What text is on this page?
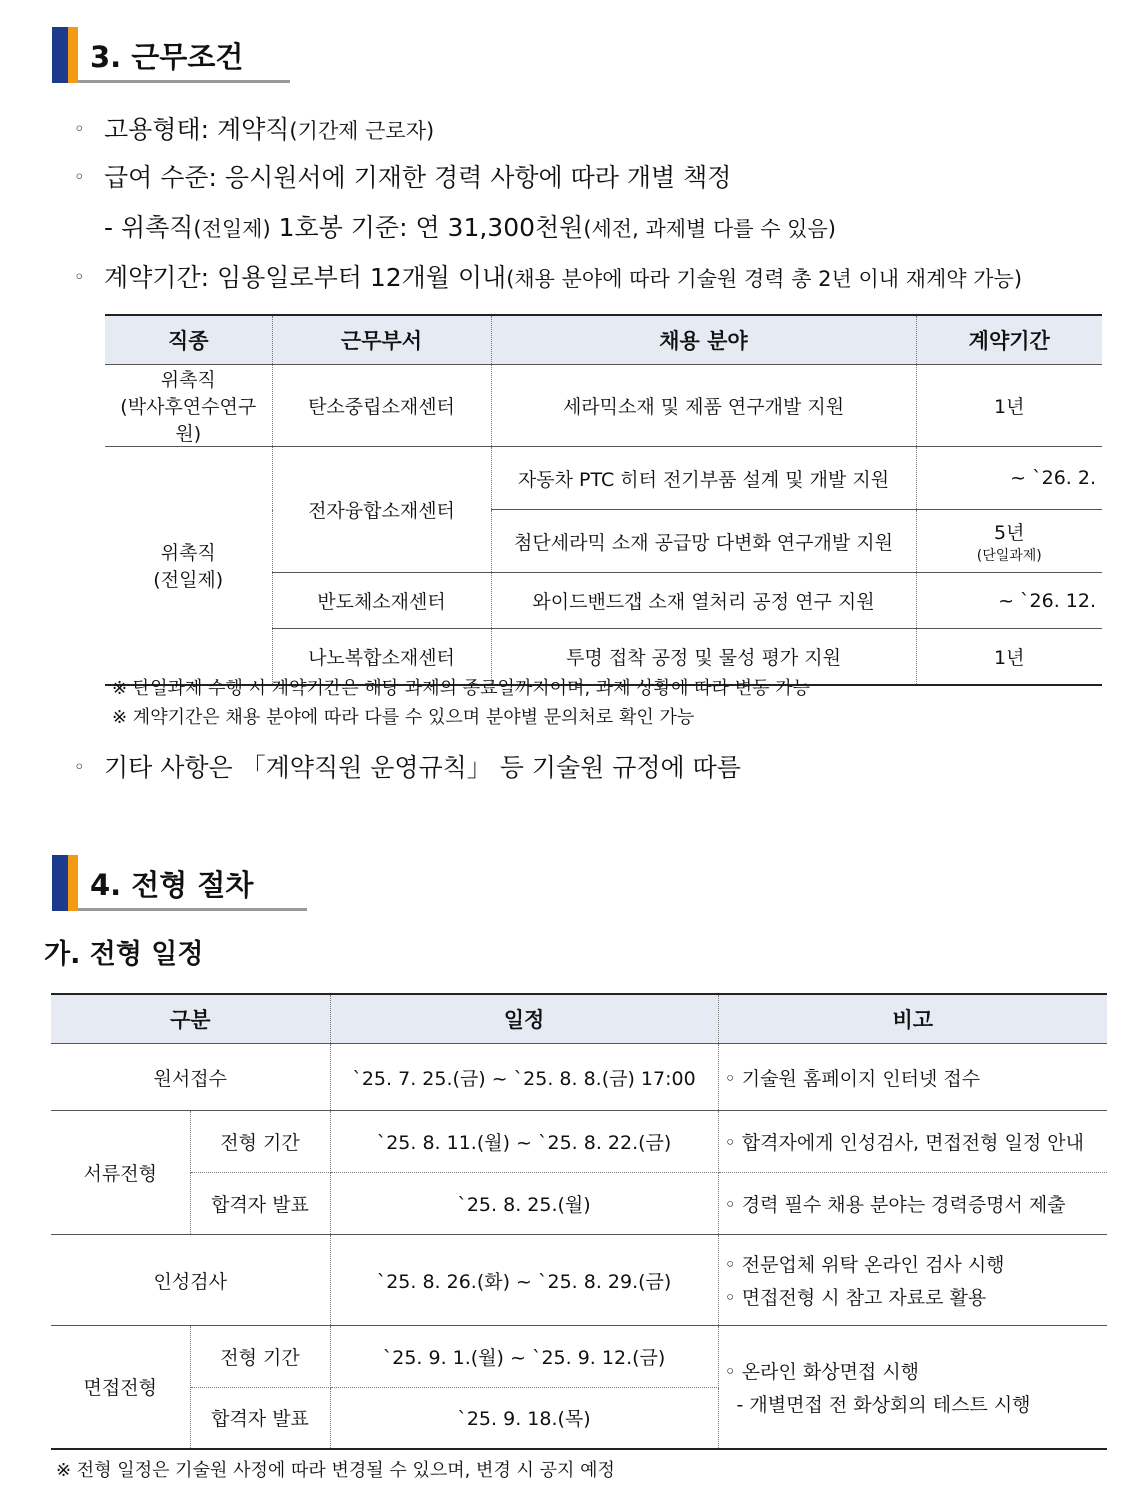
3. 근무조건
◦ 고용형태: 계약직(기간제 근로자)
◦ 급여 수준: 응시원서에 기재한 경력 사항에 따라 개별 책정
- 위촉직(전일제) 1호봉 기준: 연 31,300천원(세전, 과제별 다를 수 있음)
◦ 계약기간: 임용일로부터 12개월 이내(채용 분야에 따라 기술원 경력 총 2년 이내 재계약 가능)
직종	근무부서	채용 분야	계약기간

위촉직
(박사후연수연구원)	탄소중립소재센터	세라믹소재 및 제품 연구개발 지원	1년

위촉직
(전일제)	전자융합소재센터	자동차 PTC 히터 전기부품 설계 및 개발 지원	~ `26. 2.
		첨단세라믹 소재 공급망 다변화 연구개발 지원	5년
(단일과제)

	반도체소재센터	와이드밴드갭 소재 열처리 공정 연구 지원	~ `26. 12.
	나노복합소재센터	투명 접착 공정 및 물성 평가 지원	1년
※ 단일과제 수행 시 계약기간은 해당 과제의 종료일까지이며, 과제 상황에 따라 변동 가능
※ 계약기간은 채용 분야에 따라 다를 수 있으며 분야별 문의처로 확인 가능
◦ 기타 사항은 「계약직원 운영규칙」 등 기술원 규정에 따름
4. 전형 절차
가. 전형 일정
구분		일정	비고
원서접수		`25. 7. 25.(금) ~ `25. 8. 8.(금) 17:00	◦ 기술원 홈페이지 인터넷 접수
서류전형	전형 기간	`25. 8. 11.(월) ~ `25. 8. 22.(금)	◦ 합격자에게 인성검사, 면접전형 일정 안내
	합격자 발표	`25. 8. 25.(월)	◦ 경력 필수 채용 분야는 경력증명서 제출
인성검사		`25. 8. 26.(화) ~ `25. 8. 29.(금)	◦ 전문업체 위탁 온라인 검사 시행
◦ 면접전형 시 참고 자료로 활용

면접전형	전형 기간	`25. 9. 1.(월) ~ `25. 9. 12.(금)	◦ 온라인 화상면접 시행
- 개별면접 전 화상회의 테스트 시행

	합격자 발표	`25. 9. 18.(목)	
※ 전형 일정은 기술원 사정에 따라 변경될 수 있으며, 변경 시 공지 예정
